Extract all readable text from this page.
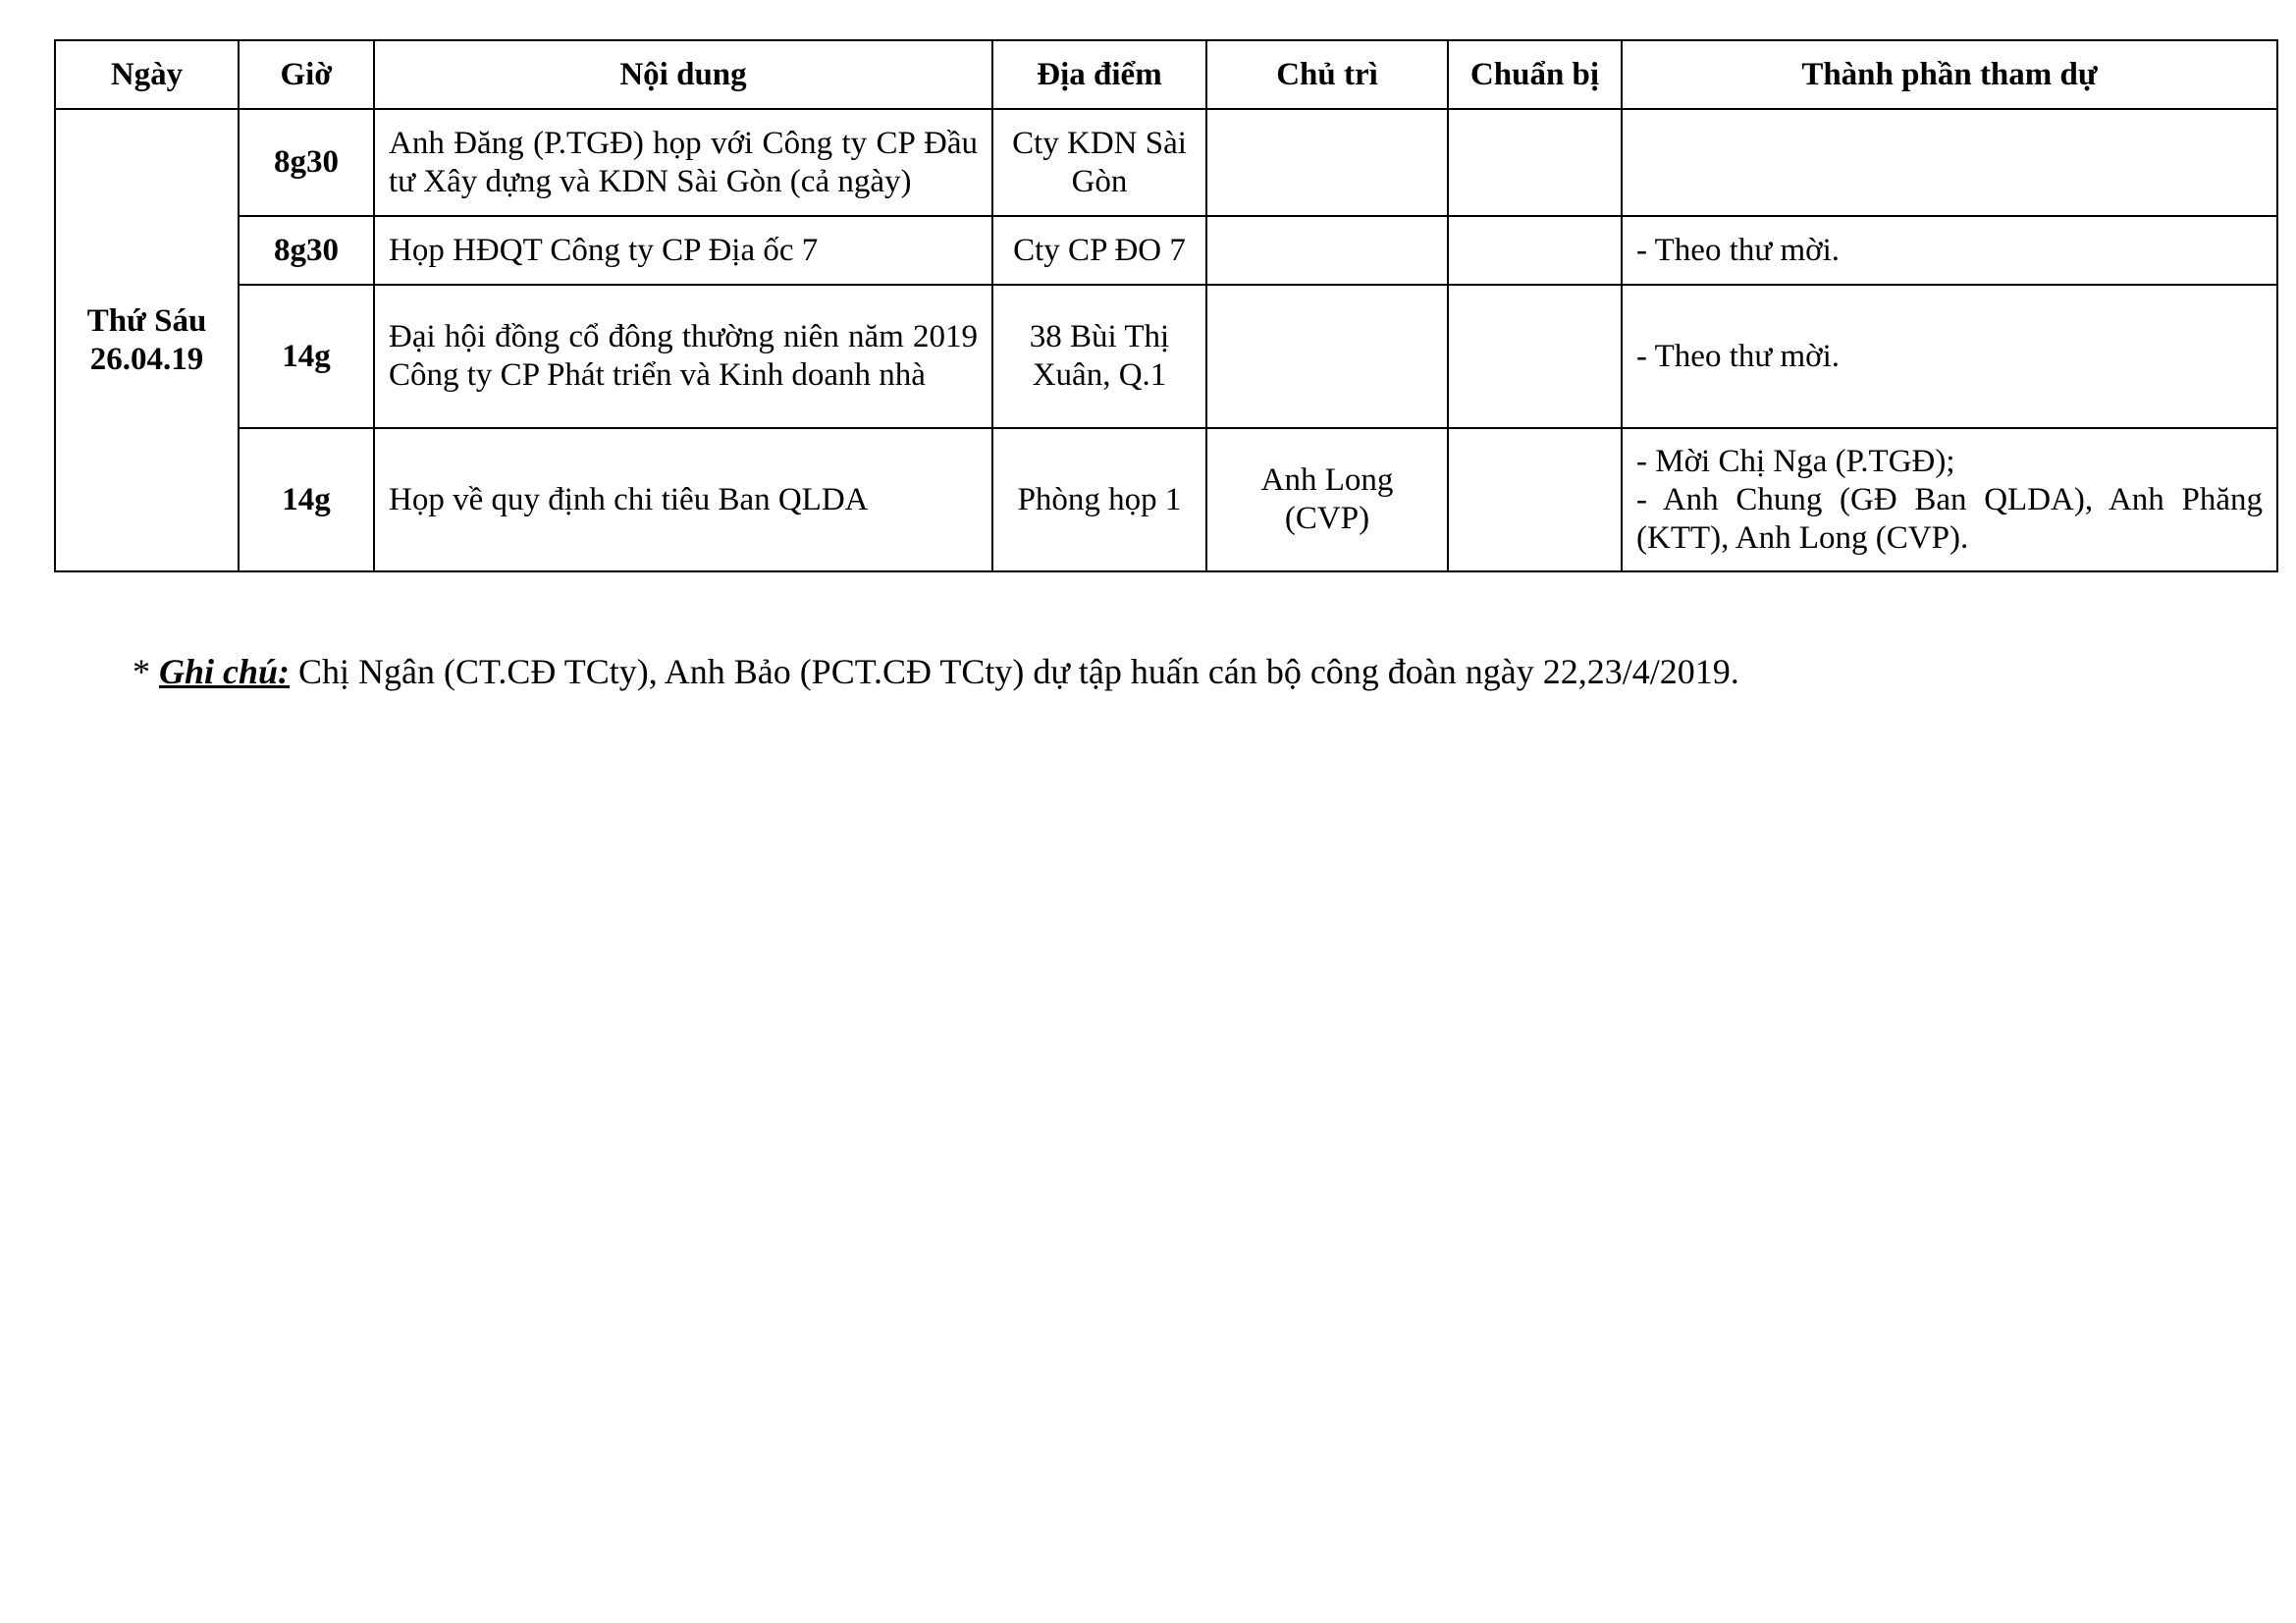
Ngày	Giờ	Nội dung	Địa điểm	Chủ trì	Chuẩn bị	Thành phần tham dự

Thứ Sáu
26.04.19	8g30	Anh Đăng (P.TGĐ) họp với Công ty CP Đầu tư Xây dựng và KDN Sài Gòn (cả ngày)	Cty KDN Sài Gòn			
	8g30	Họp HĐQT Công ty CP Địa ốc 7	Cty CP ĐO 7			- Theo thư mời.

	14g	Đại hội đồng cổ đông thường niên năm 2019 Công ty CP Phát triển và Kinh doanh nhà	38 Bùi Thị Xuân, Q.1			- Theo thư mời.

	14g	Họp về quy định chi tiêu Ban QLDA	Phòng họp 1	Anh Long (CVP)		- Mời Chị Nga (P.TGĐ);
- Anh Chung (GĐ Ban QLDA), Anh Phăng (KTT), Anh Long (CVP).
* Ghi chú: Chị Ngân (CT.CĐ TCty), Anh Bảo (PCT.CĐ TCty) dự tập huấn cán bộ công đoàn ngày 22,23/4/2019.
